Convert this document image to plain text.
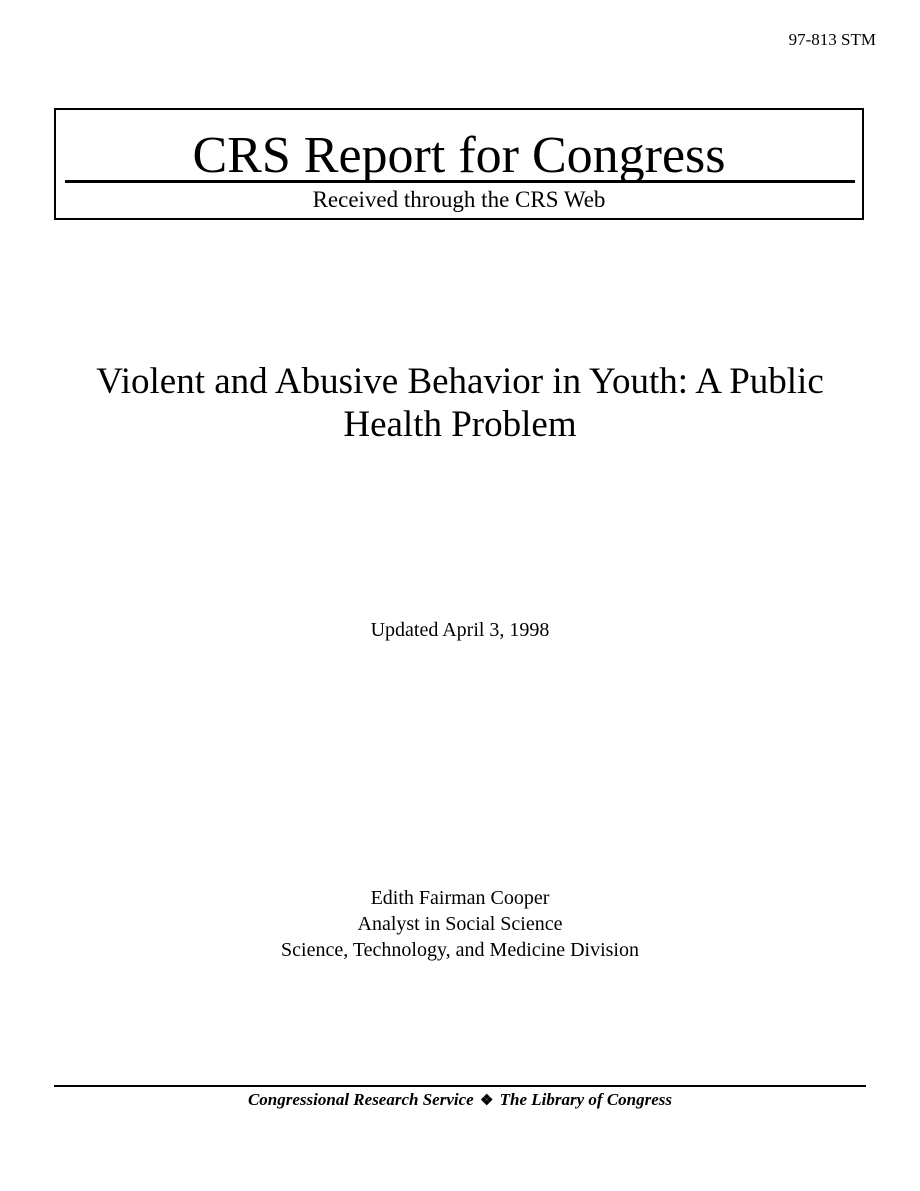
97-813 STM
CRS Report for Congress
Received through the CRS Web
Violent and Abusive Behavior in Youth: A Public
Health Problem
Updated April 3, 1998
Edith Fairman Cooper
Analyst in Social Science
Science, Technology, and Medicine Division
Congressional Research Service ❖ The Library of Congress
